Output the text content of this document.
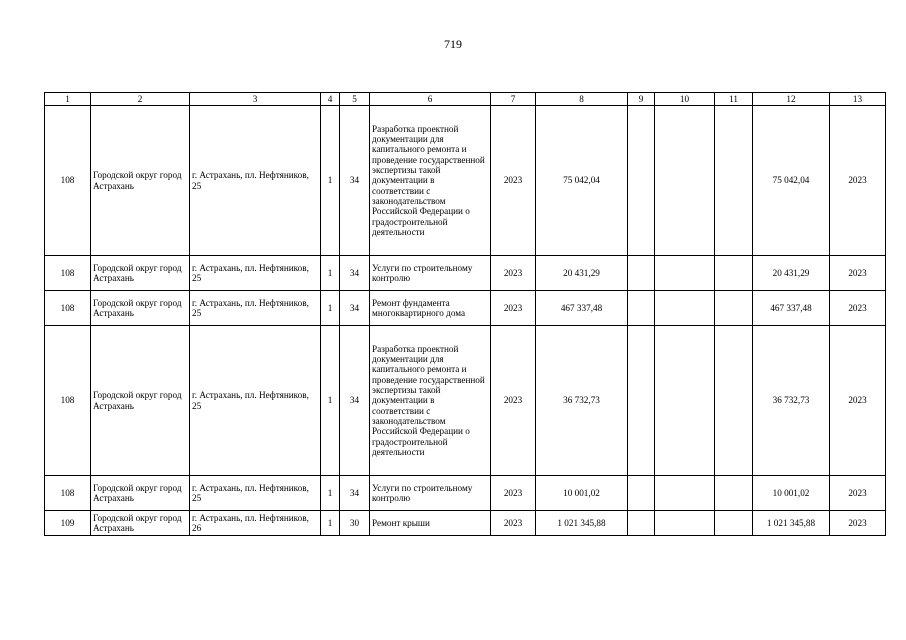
719
1	2	3	4	5	6	7	8	9	10	11	12	13
108	Городской округ город Астрахань	г. Астрахань, пл. Нефтяников, 25	1	34	Разработка проектной документации для капитального ремонта и проведение государственной экспертизы такой документации в соответствии с законодательством Российской Федерации о градостроительной деятельности	2023	75 042,04				75 042,04	2023
108	Городской округ город Астрахань	г. Астрахань, пл. Нефтяников, 25	1	34	Услуги по строительному контролю	2023	20 431,29				20 431,29	2023
108	Городской округ город Астрахань	г. Астрахань, пл. Нефтяников, 25	1	34	Ремонт фундамента многоквартирного дома	2023	467 337,48				467 337,48	2023
108	Городской округ город Астрахань	г. Астрахань, пл. Нефтяников, 25	1	34	Разработка проектной документации для капитального ремонта и проведение государственной экспертизы такой документации в соответствии с законодательством Российской Федерации о градостроительной деятельности	2023	36 732,73				36 732,73	2023
108	Городской округ город Астрахань	г. Астрахань, пл. Нефтяников, 25	1	34	Услуги по строительному контролю	2023	10 001,02				10 001,02	2023
109	Городской округ город Астрахань	г. Астрахань, пл. Нефтяников, 26	1	30	Ремонт крыши	2023	1 021 345,88				1 021 345,88	2023
